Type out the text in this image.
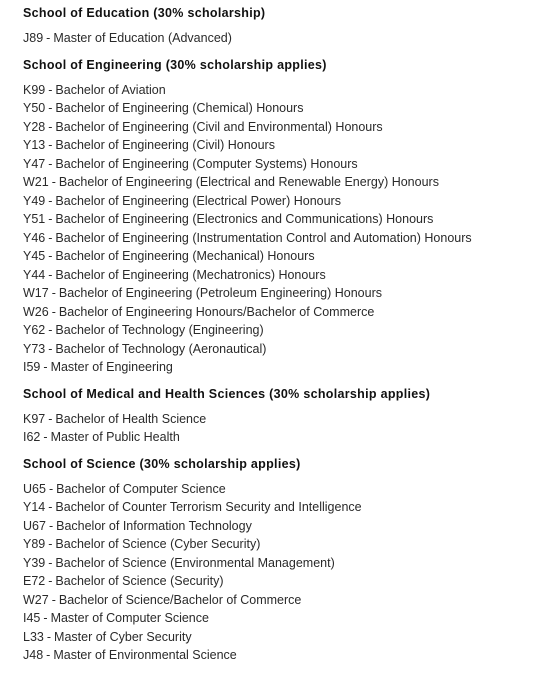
School of Education (30% scholarship)
J89 - Master of Education (Advanced)
School of Engineering (30% scholarship applies)
K99 - Bachelor of Aviation
Y50 - Bachelor of Engineering (Chemical) Honours
Y28 - Bachelor of Engineering (Civil and Environmental) Honours
Y13 - Bachelor of Engineering (Civil) Honours
Y47 - Bachelor of Engineering (Computer Systems) Honours
W21 - Bachelor of Engineering (Electrical and Renewable Energy) Honours
Y49 - Bachelor of Engineering (Electrical Power) Honours
Y51 - Bachelor of Engineering (Electronics and Communications) Honours
Y46 - Bachelor of Engineering (Instrumentation Control and Automation) Honours
Y45 - Bachelor of Engineering (Mechanical) Honours
Y44 - Bachelor of Engineering (Mechatronics) Honours
W17 - Bachelor of Engineering (Petroleum Engineering) Honours
W26 - Bachelor of Engineering Honours/Bachelor of Commerce
Y62 - Bachelor of Technology (Engineering)
Y73 - Bachelor of Technology (Aeronautical)
I59 - Master of Engineering
School of Medical and Health Sciences (30% scholarship applies)
K97 - Bachelor of Health Science
I62 - Master of Public Health
School of Science (30% scholarship applies)
U65 - Bachelor of Computer Science
Y14 - Bachelor of Counter Terrorism Security and Intelligence
U67 - Bachelor of Information Technology
Y89 - Bachelor of Science (Cyber Security)
Y39 - Bachelor of Science (Environmental Management)
E72 - Bachelor of Science (Security)
W27 - Bachelor of Science/Bachelor of Commerce
I45 - Master of Computer Science
L33 - Master of Cyber Security
J48 - Master of Environmental Science
